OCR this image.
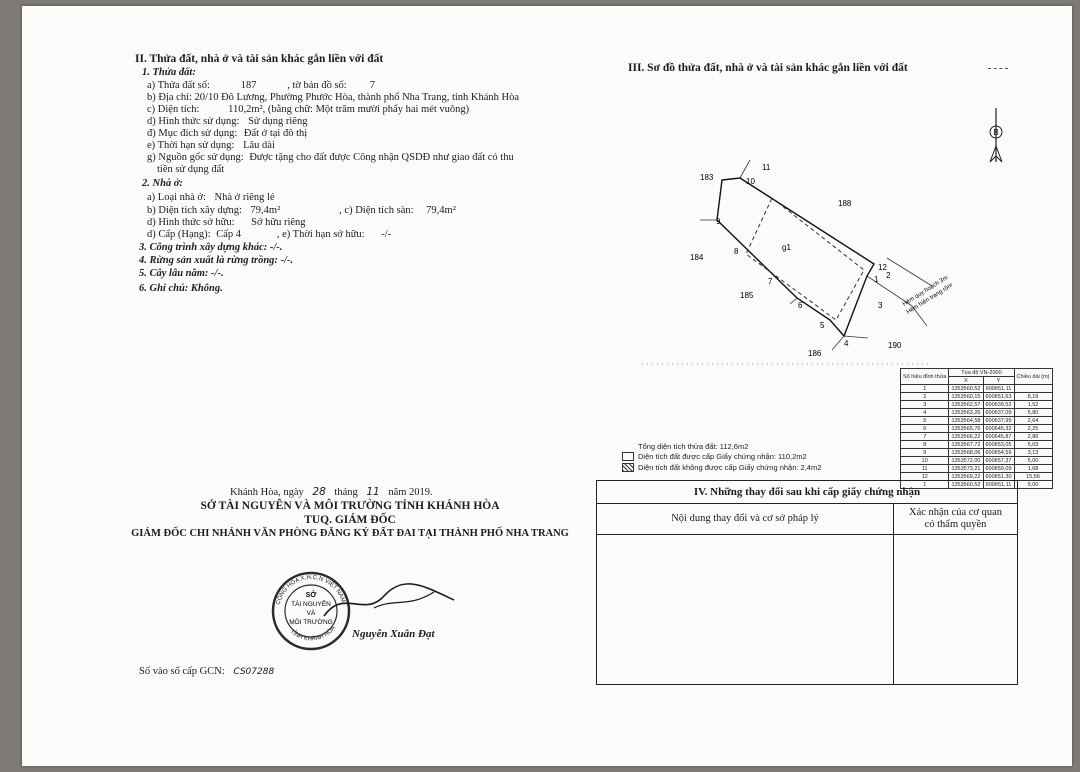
II. Thửa đất, nhà ở và tài sản khác gắn liền với đất
1. Thửa đất:
a) Thửa đất số:	187	, tờ bản đồ số: 7
b) Địa chỉ: 20/10 Đô Lương, Phường Phước Hòa, thành phố Nha Trang, tỉnh Khánh Hòa
c) Diện tích:	110,2m², (bằng chữ: Một trăm mười phẩy hai mét vuông)
d) Hình thức sử dụng: Sử dụng riêng
đ) Mục đích sử dụng: Đất ở tại đô thị
e) Thời hạn sử dụng: Lâu dài
g) Nguồn gốc sử dụng: Được tặng cho đất được Công nhận QSDĐ như giao đất có thu
tiền sử dụng đất
2. Nhà ở:
a) Loại nhà ở: Nhà ở riêng lẻ
b) Diện tích xây dựng: 79,4m²	, c) Diện tích sàn: 79,4m²
d) Hình thức sở hữu: Sở hữu riêng
d) Cấp (Hạng): Cấp 4	, e) Thời hạn sở hữu: -/-
3. Công trình xây dựng khác: -/-.
4. Rừng sản xuất là rừng trồng: -/-.
5. Cây lâu năm: -/-.
6. Ghi chú: Không.
Khánh Hòa, ngày 28 tháng 11 năm 2019.
SỞ TÀI NGUYÊN VÀ MÔI TRƯỜNG TỈNH KHÁNH HÒA
TUQ. GIÁM ĐỐC
GIÁM ĐỐC CHI NHÁNH VĂN PHÒNG ĐĂNG KÝ ĐẤT ĐAI TẠI THÀNH PHỐ NHA TRANG
CỘNG HÒA X.H.C.N VIỆT NAM
TỈNH KHÁNH HÒA
SỞ
TÀI NGUYÊN
VÀ
MÔI TRƯỜNG
Nguyễn Xuân Đạt
Số vào sổ cấp GCN: CS07288
III. Sơ đồ thửa đất, nhà ở và tài sản khác gắn liền với đất
B
183
188
184
185
186
190
g1
1 2
3
4
5
6
7
8
9
10
11
12
Hẻm quy hoạch 3m
Hẻm hiện trạng rộng
Số hiệu đỉnh thửa	Tọa độ VN-2000		Chiều dài (m)
	X	Y	
1	1353560,52	600651,11	
2	1353560,15	600651,63	8,19
3	1353562,57	600639,52	1,52
4	1353563,26	600637,09	5,80
5	1353564,58	600637,99	2,64
6	1353565,76	600645,32	2,25
7	1353566,22	600645,87	2,86
8	1353567,72	600653,05	5,03
9	1353568,06	600654,59	3,13
10	1353572,00	600657,37	5,00
11	1353573,21	600659,09	1,68
12	1353569,22	600651,30	15,56
1	1353560,52	600651,11	9,00
Tổng diện tích thửa đất: 112,6m2
Diện tích đất được cấp Giấy chứng nhận: 110,2m2
Diện tích đất không được cấp Giấy chứng nhận: 2,4m2
IV. Những thay đổi sau khi cấp giấy chứng nhận
Nội dung thay đổi và cơ sở pháp lý
Xác nhận của cơ quan
có thẩm quyền
